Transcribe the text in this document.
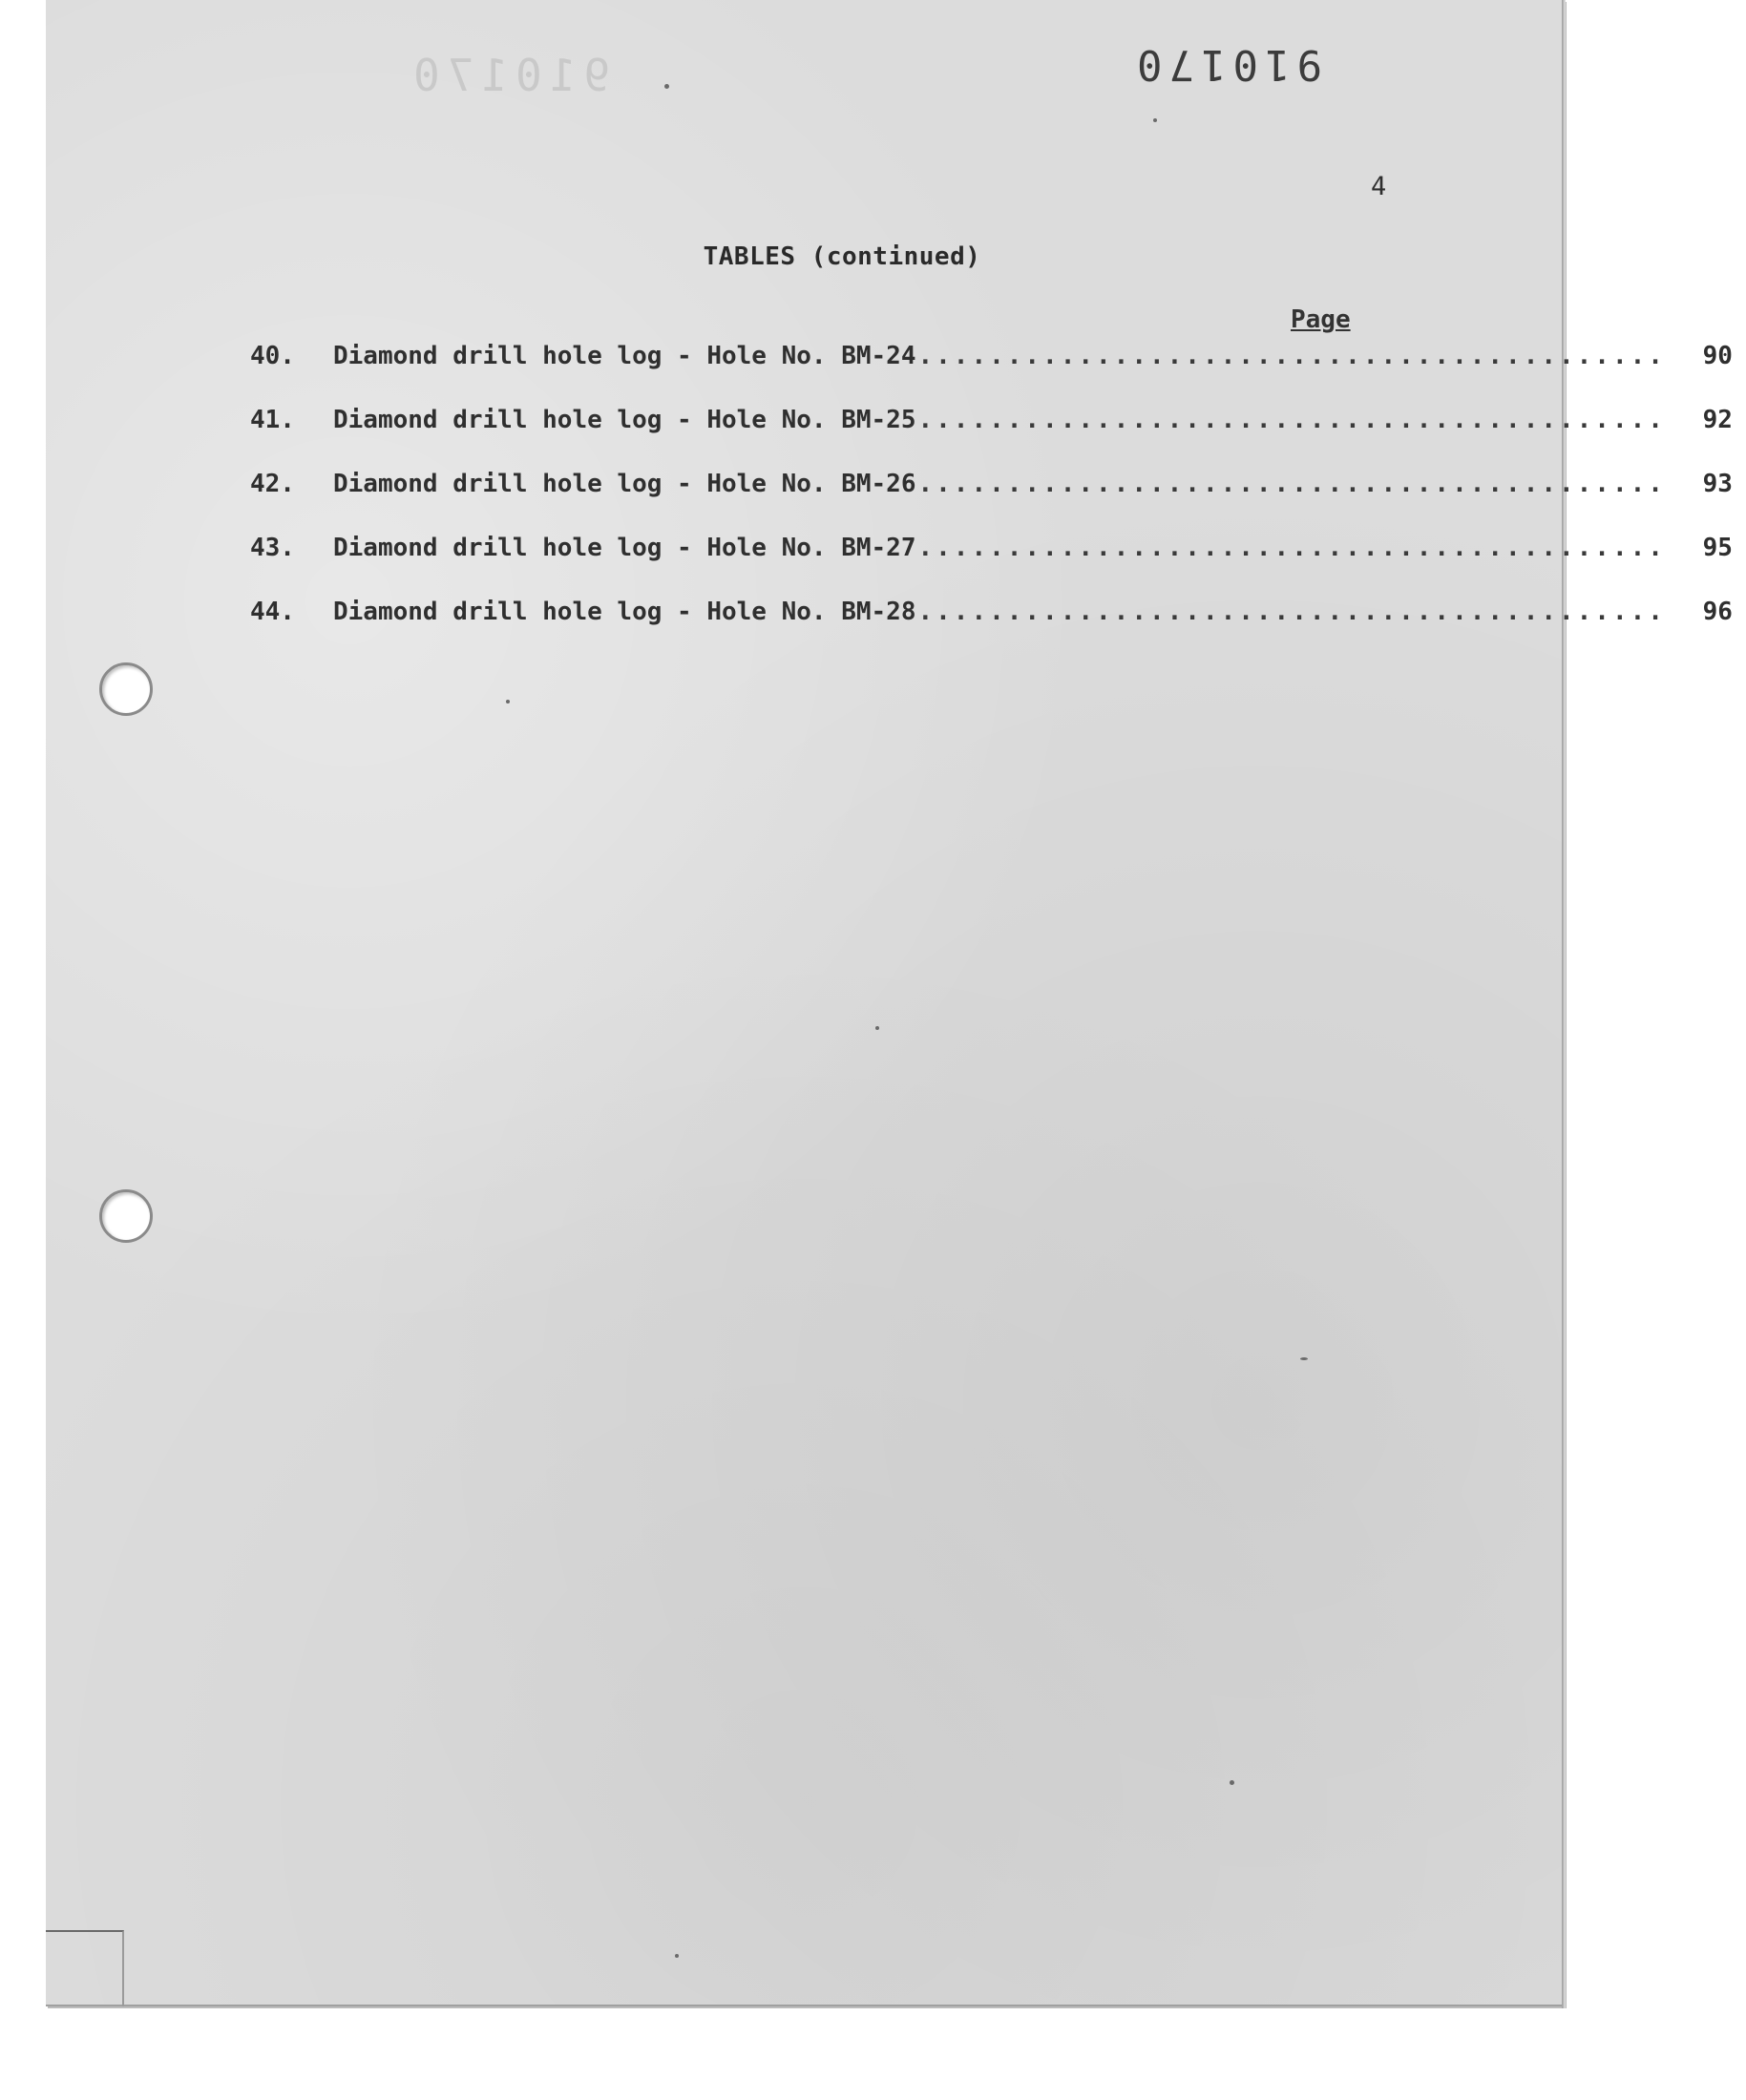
910170	910170
4
TABLES (continued)
Page
40.	Diamond drill hole log - Hole No. BM-24 ..........................................	90
41.	Diamond drill hole log - Hole No. BM-25 ..........................................	92
42.	Diamond drill hole log - Hole No. BM-26 ..........................................	93
43.	Diamond drill hole log - Hole No. BM-27 ..........................................	95
44.	Diamond drill hole log - Hole No. BM-28 ..........................................	96
